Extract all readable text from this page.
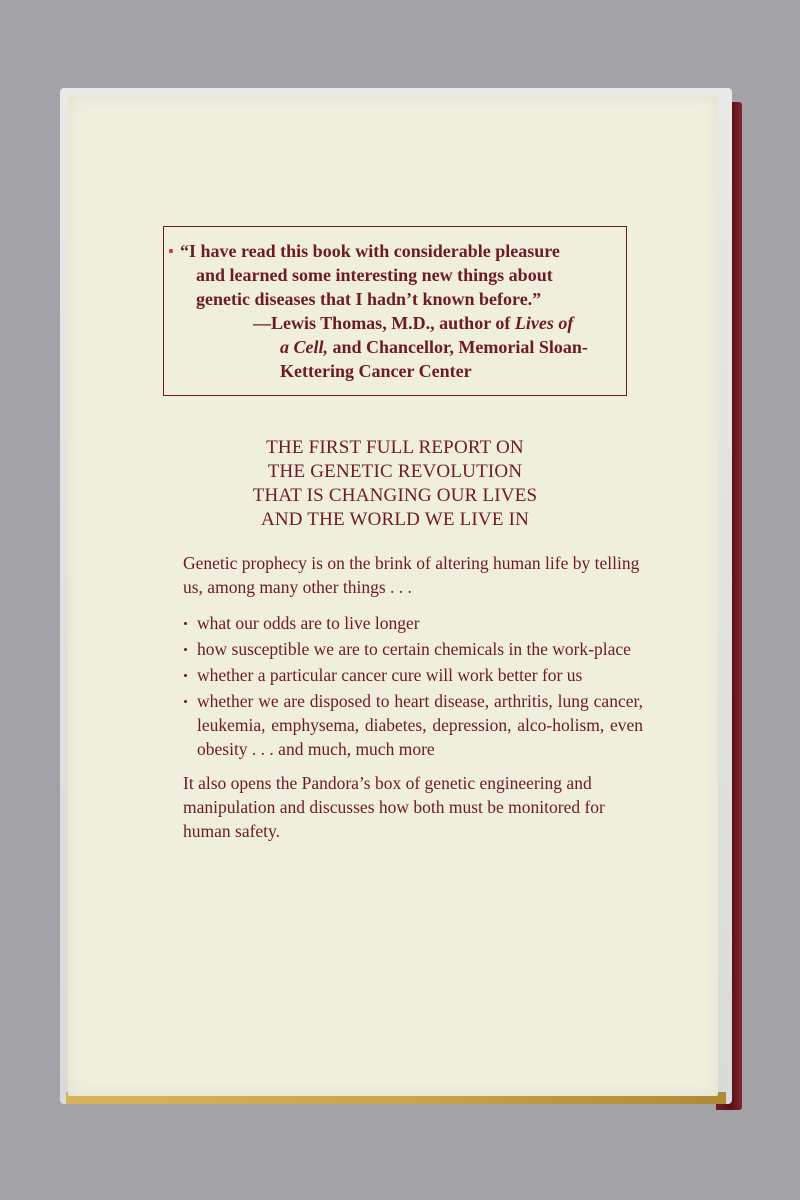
“I have read this book with considerable pleasure
and learned some interesting new things about
genetic diseases that I hadn’t known before.”
—Lewis Thomas, M.D., author of Lives of
a Cell, and Chancellor, Memorial Sloan-
Kettering Cancer Center
THE FIRST FULL REPORT ON
THE GENETIC REVOLUTION
THAT IS CHANGING OUR LIVES
AND THE WORLD WE LIVE IN

Genetic prophecy is on the brink of altering human life by telling us, among many other things . . .

what our odds are to live longer
how susceptible we are to certain chemicals in the work-place
whether a particular cancer cure will work better for us
whether we are disposed to heart disease, arthritis, lung cancer, leukemia, emphysema, diabetes, depression, alco-holism, even obesity . . . and much, much more

It also opens the Pandora’s box of genetic engineering and manipulation and discusses how both must be monitored for human safety.
